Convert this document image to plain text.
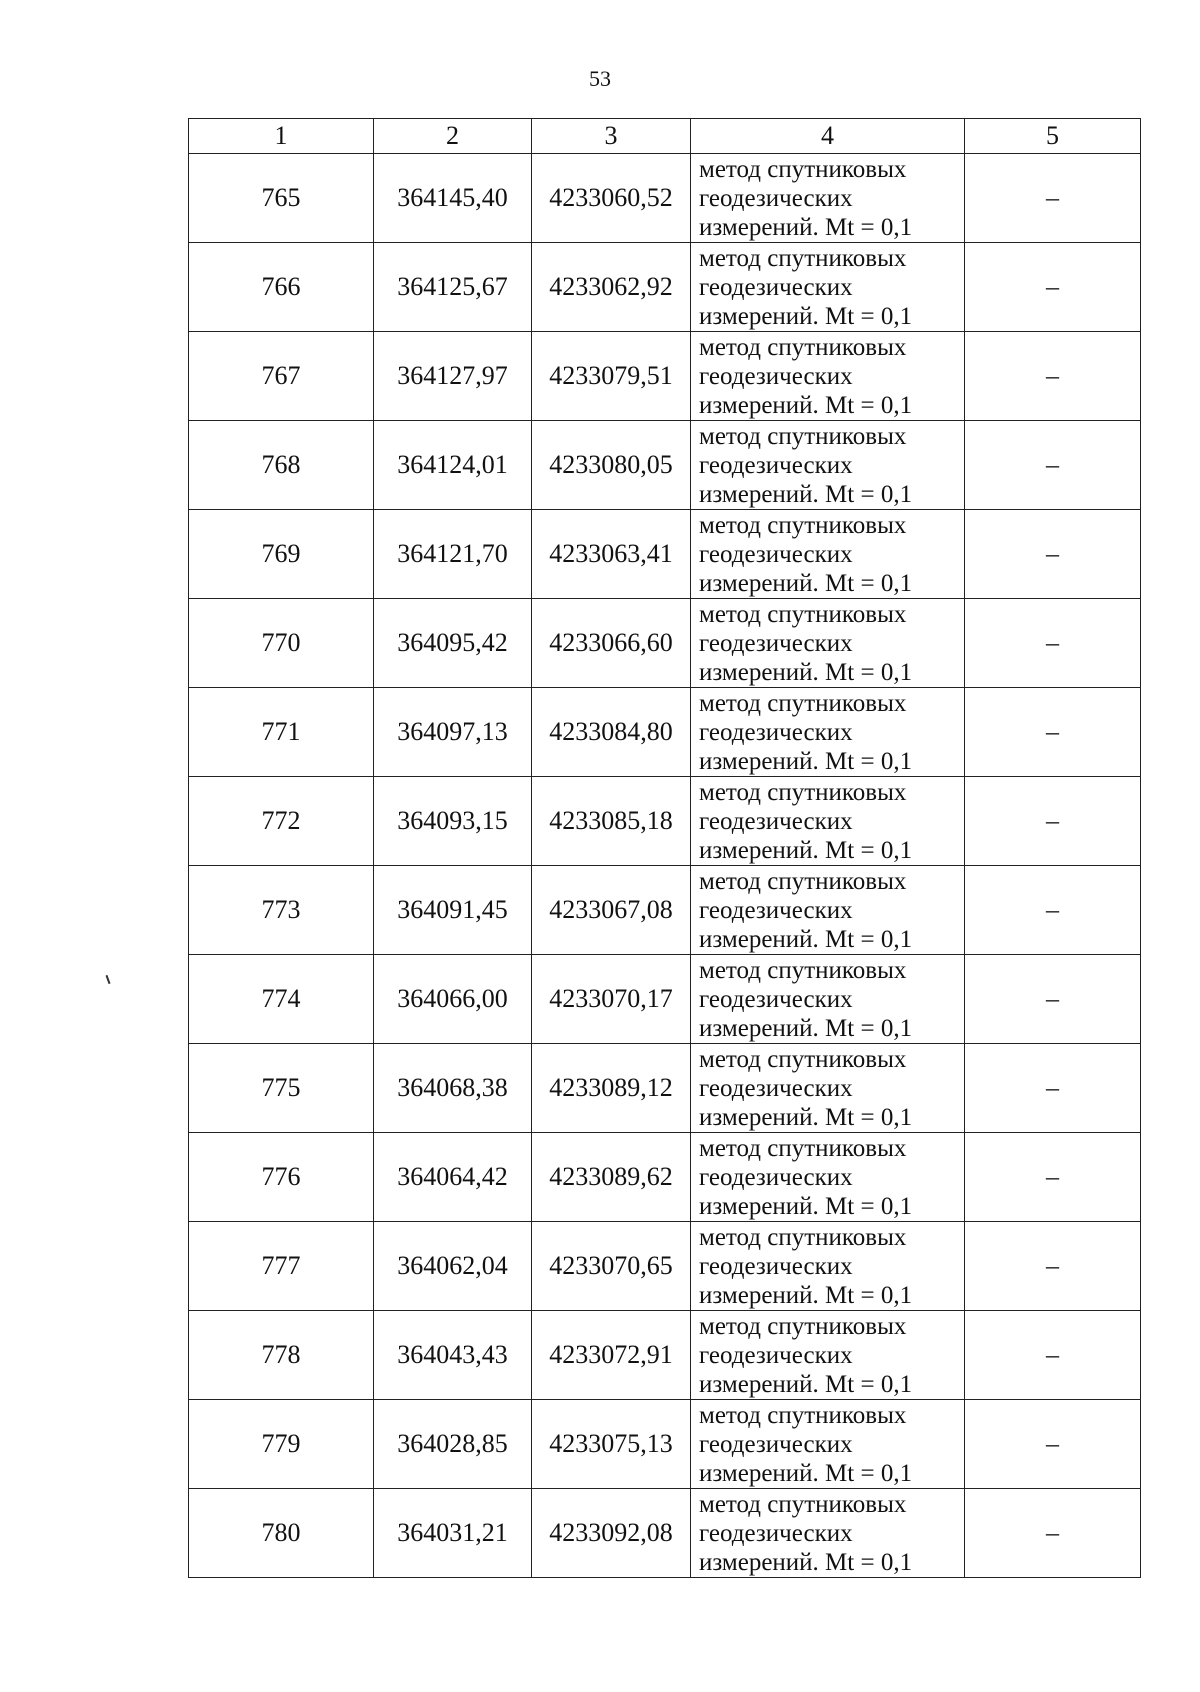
53
1	2	3	4	5
765	364145,40	4233060,52	метод спутниковых
геодезических
измерений. Mt = 0,1	–
766	364125,67	4233062,92	метод спутниковых
геодезических
измерений. Mt = 0,1	–
767	364127,97	4233079,51	метод спутниковых
геодезических
измерений. Mt = 0,1	–
768	364124,01	4233080,05	метод спутниковых
геодезических
измерений. Mt = 0,1	–
769	364121,70	4233063,41	метод спутниковых
геодезических
измерений. Mt = 0,1	–
770	364095,42	4233066,60	метод спутниковых
геодезических
измерений. Mt = 0,1	–
771	364097,13	4233084,80	метод спутниковых
геодезических
измерений. Mt = 0,1	–
772	364093,15	4233085,18	метод спутниковых
геодезических
измерений. Mt = 0,1	–
773	364091,45	4233067,08	метод спутниковых
геодезических
измерений. Mt = 0,1	–
774	364066,00	4233070,17	метод спутниковых
геодезических
измерений. Mt = 0,1	–
775	364068,38	4233089,12	метод спутниковых
геодезических
измерений. Mt = 0,1	–
776	364064,42	4233089,62	метод спутниковых
геодезических
измерений. Mt = 0,1	–
777	364062,04	4233070,65	метод спутниковых
геодезических
измерений. Mt = 0,1	–
778	364043,43	4233072,91	метод спутниковых
геодезических
измерений. Mt = 0,1	–
779	364028,85	4233075,13	метод спутниковых
геодезических
измерений. Mt = 0,1	–
780	364031,21	4233092,08	метод спутниковых
геодезических
измерений. Mt = 0,1	–
